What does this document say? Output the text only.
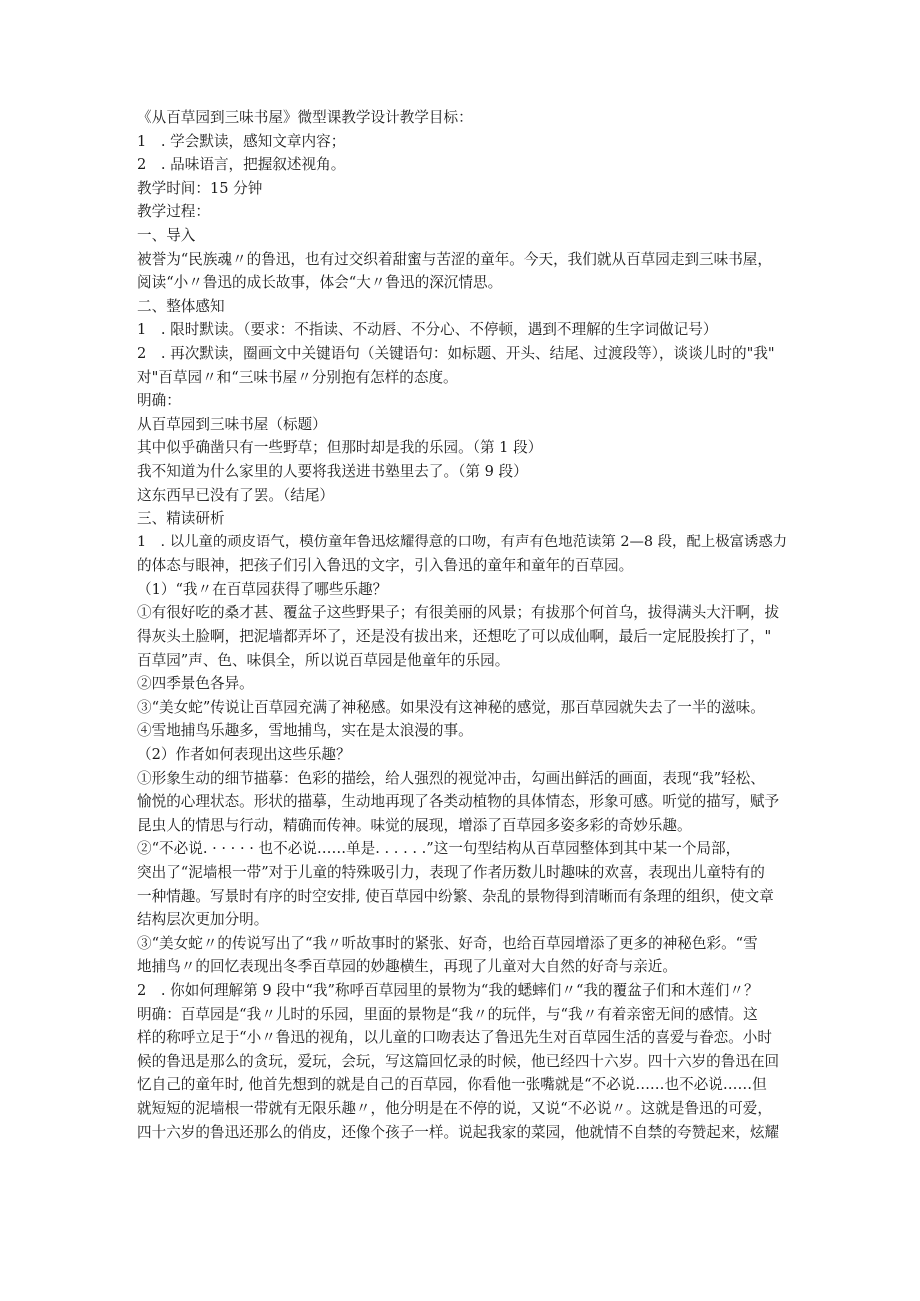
《从百草园到三味书屋》微型课教学设计教学目标：

1　. 学会默读，感知文章内容；

2　. 品味语言，把握叙述视角。

教学时间：15 分钟

教学过程：

一、导入

被誉为“民族魂〃的鲁迅，也有过交织着甜蜜与苦涩的童年。今天，我们就从百草园走到三味书屋，

阅读“小〃鲁迅的成长故事，体会“大〃鲁迅的深沉情思。

二、整体感知

1　. 限时默读。（要求：不指读、不动唇、不分心、不停顿，遇到不理解的生字词做记号）

2　. 再次默读，圈画文中关键语句（关键语句：如标题、开头、结尾、过渡段等），谈谈儿时的"我"

对"百草园〃和“三味书屋〃分别抱有怎样的态度。

明确：

从百草园到三味书屋（标题）

其中似乎确凿只有一些野草；但那时却是我的乐园。（第 1 段）

我不知道为什么家里的人要将我送进书塾里去了。（第 9 段）

这东西早已没有了罢。（结尾）

三、精读研析

1　. 以儿童的顽皮语气，模仿童年鲁迅炫耀得意的口吻，有声有色地范读第 2—8 段，配上极富诱惑力

的体态与眼神，把孩子们引入鲁迅的文字，引入鲁迅的童年和童年的百草园。

（1）“我〃在百草园获得了哪些乐趣？

①有很好吃的桑才甚、覆盆子这些野果子；有很美丽的风景；有拔那个何首乌，拔得满头大汗啊，拔

得灰头土脸啊，把泥墙都弄坏了，还是没有拔出来，还想吃了可以成仙啊，最后一定屁股挨打了，"

百草园”声、色、味俱全，所以说百草园是他童年的乐园。

②四季景色各异。

③“美女蛇”传说让百草园充满了神秘感。如果没有这神秘的感觉，那百草园就失去了一半的滋味。

④雪地捕鸟乐趣多，雪地捕鸟，实在是太浪漫的事。

（2）作者如何表现出这些乐趣？

①形象生动的细节描摹：色彩的描绘，给人强烈的视觉冲击，勾画出鲜活的画面，表现“我”轻松、

愉悦的心理状态。形状的描摹，生动地再现了各类动植物的具体情态，形象可感。听觉的描写，赋予

昆虫人的情思与行动，精确而传神。味觉的展现，增添了百草园多姿多彩的奇妙乐趣。

②“不必说. · · · · · 也不必说……单是. . . . . .”这一句型结构从百草园整体到其中某一个局部，

突出了“泥墙根一带”对于儿童的特殊吸引力，表现了作者历数儿时趣味的欢喜，表现出儿童特有的

一种情趣。写景时有序的时空安排, 使百草园中纷繁、杂乱的景物得到清晰而有条理的组织，使文章

结构层次更加分明。

③“美女蛇〃的传说写出了“我〃听故事时的紧张、好奇，也给百草园增添了更多的神秘色彩。“雪

地捕鸟〃的回忆表现出冬季百草园的妙趣横生，再现了儿童对大自然的好奇与亲近。

2　. 你如何理解第 9 段中“我”称呼百草园里的景物为“我的蟋蟀们〃“我的覆盆子们和木莲们〃？

明确：百草园是“我〃儿时的乐园，里面的景物是“我〃的玩伴，与“我〃有着亲密无间的感情。这

样的称呼立足于“小〃鲁迅的视角，以儿童的口吻表达了鲁迅先生对百草园生活的喜爱与眷恋。小时

候的鲁迅是那么的贪玩，爱玩，会玩，写这篇回忆录的时候，他已经四十六岁。四十六岁的鲁迅在回

忆自己的童年时, 他首先想到的就是自己的百草园，你看他一张嘴就是“不必说……也不必说……但

就短短的泥墙根一带就有无限乐趣〃，他分明是在不停的说，又说“不必说〃。这就是鲁迅的可爱，

四十六岁的鲁迅还那么的俏皮，还像个孩子一样。说起我家的菜园，他就情不自禁的夸赞起来，炫耀
